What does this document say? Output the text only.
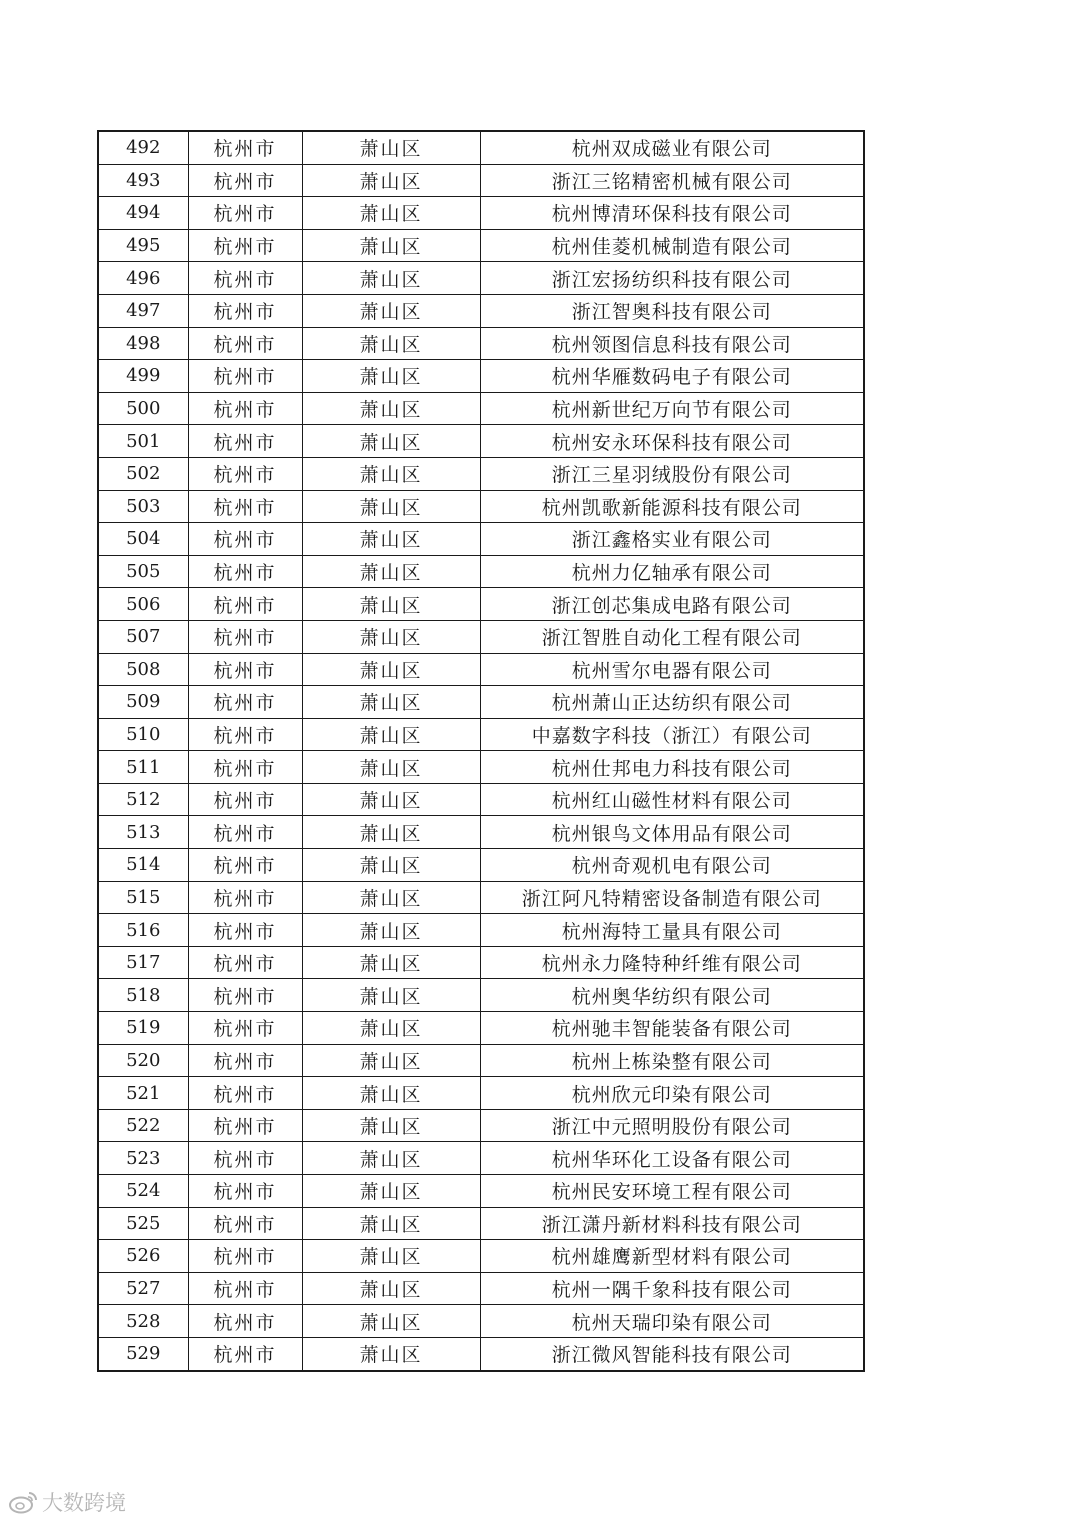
492	杭州市	萧山区	杭州双成磁业有限公司
493	杭州市	萧山区	浙江三铭精密机械有限公司
494	杭州市	萧山区	杭州博清环保科技有限公司
495	杭州市	萧山区	杭州佳菱机械制造有限公司
496	杭州市	萧山区	浙江宏扬纺织科技有限公司
497	杭州市	萧山区	浙江智奥科技有限公司
498	杭州市	萧山区	杭州领图信息科技有限公司
499	杭州市	萧山区	杭州华雁数码电子有限公司
500	杭州市	萧山区	杭州新世纪万向节有限公司
501	杭州市	萧山区	杭州安永环保科技有限公司
502	杭州市	萧山区	浙江三星羽绒股份有限公司
503	杭州市	萧山区	杭州凯歌新能源科技有限公司
504	杭州市	萧山区	浙江鑫格实业有限公司
505	杭州市	萧山区	杭州力亿轴承有限公司
506	杭州市	萧山区	浙江创芯集成电路有限公司
507	杭州市	萧山区	浙江智胜自动化工程有限公司
508	杭州市	萧山区	杭州雪尔电器有限公司
509	杭州市	萧山区	杭州萧山正达纺织有限公司
510	杭州市	萧山区	中嘉数字科技（浙江）有限公司
511	杭州市	萧山区	杭州仕邦电力科技有限公司
512	杭州市	萧山区	杭州红山磁性材料有限公司
513	杭州市	萧山区	杭州银鸟文体用品有限公司
514	杭州市	萧山区	杭州奇观机电有限公司
515	杭州市	萧山区	浙江阿凡特精密设备制造有限公司
516	杭州市	萧山区	杭州海特工量具有限公司
517	杭州市	萧山区	杭州永力隆特种纤维有限公司
518	杭州市	萧山区	杭州奥华纺织有限公司
519	杭州市	萧山区	杭州驰丰智能装备有限公司
520	杭州市	萧山区	杭州上栋染整有限公司
521	杭州市	萧山区	杭州欣元印染有限公司
522	杭州市	萧山区	浙江中元照明股份有限公司
523	杭州市	萧山区	杭州华环化工设备有限公司
524	杭州市	萧山区	杭州民安环境工程有限公司
525	杭州市	萧山区	浙江潇丹新材料科技有限公司
526	杭州市	萧山区	杭州雄鹰新型材料有限公司
527	杭州市	萧山区	杭州一隅千象科技有限公司
528	杭州市	萧山区	杭州天瑞印染有限公司
529	杭州市	萧山区	浙江微风智能科技有限公司
大数跨境
